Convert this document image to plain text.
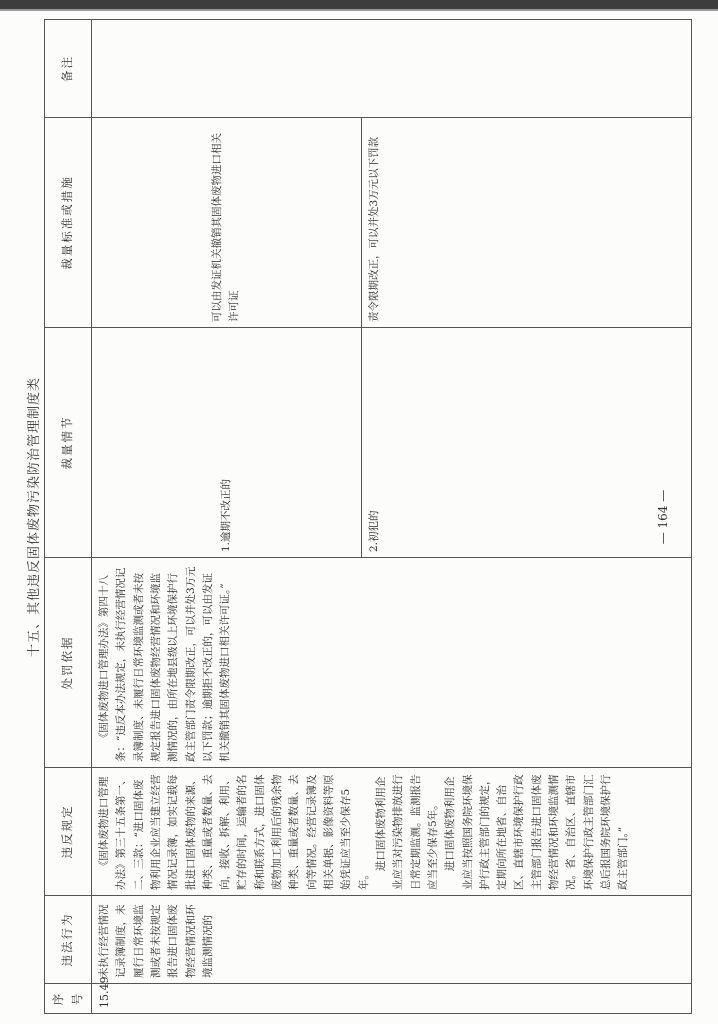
十五、其他违反固体废物污染防治管理制度类
序号	违法行为	违反规定	处罚依据	裁量情节	裁量标准或措施	备注
15.49	未执行经营情况记录簿制度，未履行日常环境监测或者未按规定报告进口固体废物经营情况和环境监测情况的	《固体废物进口管理办法》第三十五条第一、二、三款：“进口固体废物利用企业应当建立经营情况记录簿，如实记载每批进口固体废物的来源、种类、重量或者数量、去向，接收、拆解、利用、贮存的时间，运输者的名称和联系方式，进口固体废物加工利用后的残余物种类、重量或者数量、去向等情况。经营记录簿及相关单据、影像资料等原始凭证应当至少保存5年。
进口固体废物利用企业应当对污染物排放进行日常定期监测。监测报告应当至少保存5年。 进口固体废物利用企业应当按照国务院环境保护行政主管部门的规定，定期向所在地省、自治区、直辖市环境保护行政主管部门报告进口固体废物经营情况和环境监测情况。省、自治区、直辖市环境保护行政主管部门汇总后报国务院环境保护行政主管部门。”	《固体废物进口管理办法》第四十八条：“违反本办法规定，未执行经营情况记录簿制度、未履行日常环境监测或者未按规定报告进口固体废物经营情况和环境监测情况的，由所在地县级以上环境保护行政主管部门责令限期改正，可以并处3万元以下罚款；逾期拒不改正的，可以由发证机关撤销其固体废物进口相关许可证。”	1.逾期不改正的	可以由发证机关撤销其固体废物进口相关许可证	
				2.初犯的	责令限期改正，可以并处3万元以下罚款	
— 164 —
